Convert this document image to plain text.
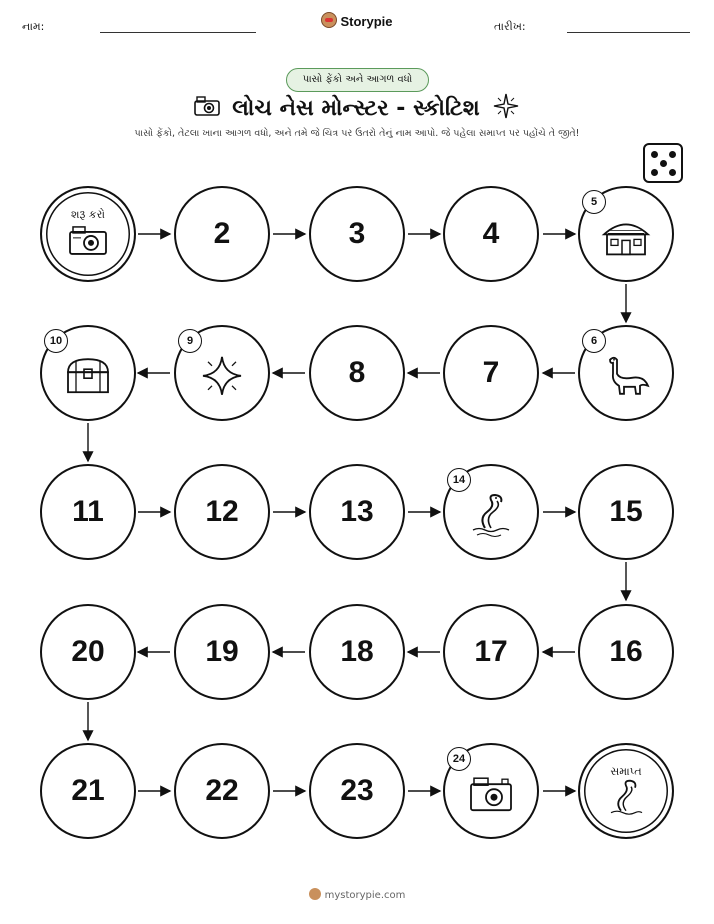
નામ:	Storypie	તારીખ:
પાસો ફેંકો અને આગળ વધો
લોચ નેસ મોન્સ્ટર - સ્કોટિશ
પાસો ફેંકો, તેટલા ખાના આગળ વધો, અને તમે જે ચિત્ર પર ઉતરો તેનું નામ આપો. જે પહેલા સમાપ્ત પર પહોંચે તે જીતે!
શરૂ કરો
2	3	4
5
10	9
8	7
6
11	12	13
14
15
20	19	18	17	16
21	22	23
24
સમાપ્ત
mystorypie.com
